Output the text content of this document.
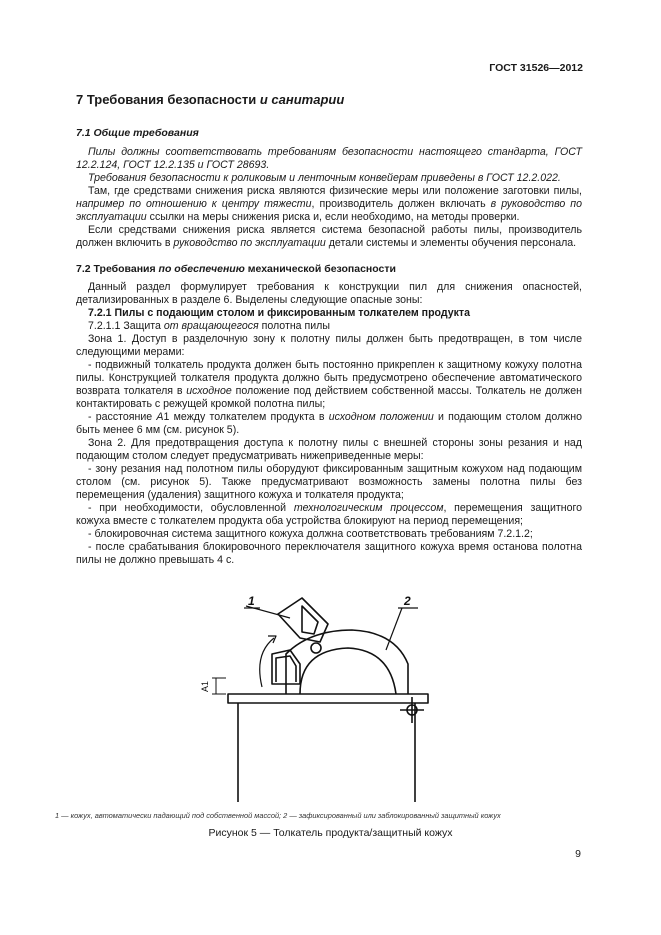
ГОСТ 31526—2012
7 Требования безопасности и санитарии
7.1 Общие требования

Пилы должны соответствовать требованиям безопасности настоящего стандарта, ГОСТ 12.2.124, ГОСТ 12.2.135 и ГОСТ 28693.

Требования безопасности к роликовым и ленточным конвейерам приведены в ГОСТ 12.2.022.

Там, где средствами снижения риска являются физические меры или положение заготовки пилы, например по отношению к центру тяжести, производитель должен включать в руководство по эксплуатации ссылки на меры снижения риска и, если необходимо, на методы проверки.

Если средствами снижения риска является система безопасной работы пилы, производитель должен включить в руководство по эксплуатации детали системы и элементы обучения персонала.

7.2 Требования по обеспечению механической безопасности

Данный раздел формулирует требования к конструкции пил для снижения опасностей, детализированных в разделе 6. Выделены следующие опасные зоны:

7.2.1 Пилы с подающим столом и фиксированным толкателем продукта

7.2.1.1 Защита от вращающегося полотна пилы

Зона 1. Доступ в разделочную зону к полотну пилы должен быть предотвращен, в том числе следующими мерами:

- подвижный толкатель продукта должен быть постоянно прикреплен к защитному кожуху полотна пилы. Конструкцией толкателя продукта должно быть предусмотрено обеспечение автоматического возврата толкателя в исходное положение под действием собственной массы. Толкатель не должен контактировать с режущей кромкой полотна пилы;

- расстояние А1 между толкателем продукта в исходном положении и подающим столом должно быть менее 6 мм (см. рисунок 5).

Зона 2. Для предотвращения доступа к полотну пилы с внешней стороны зоны резания и над подающим столом следует предусматривать нижеприведенные меры:

- зону резания над полотном пилы оборудуют фиксированным защитным кожухом над подающим столом (см. рисунок 5). Также предусматривают возможность замены полотна пилы без перемещения (удаления) защитного кожуха и толкателя продукта;

- при необходимости, обусловленной технологическим процессом, перемещения защитного кожуха вместе с толкателем продукта оба устройства блокируют на период перемещения;

- блокировочная система защитного кожуха должна соответствовать требованиям 7.2.1.2;

- после срабатывания блокировочного переключателя защитного кожуха время останова полотна пилы не должно превышать 4 с.

1	2
А1
1 — кожух, автоматически падающий под собственной массой; 2 — зафиксированный или заблокированный защитный кожух
Рисунок 5 — Толкатель продукта/защитный кожух
9
